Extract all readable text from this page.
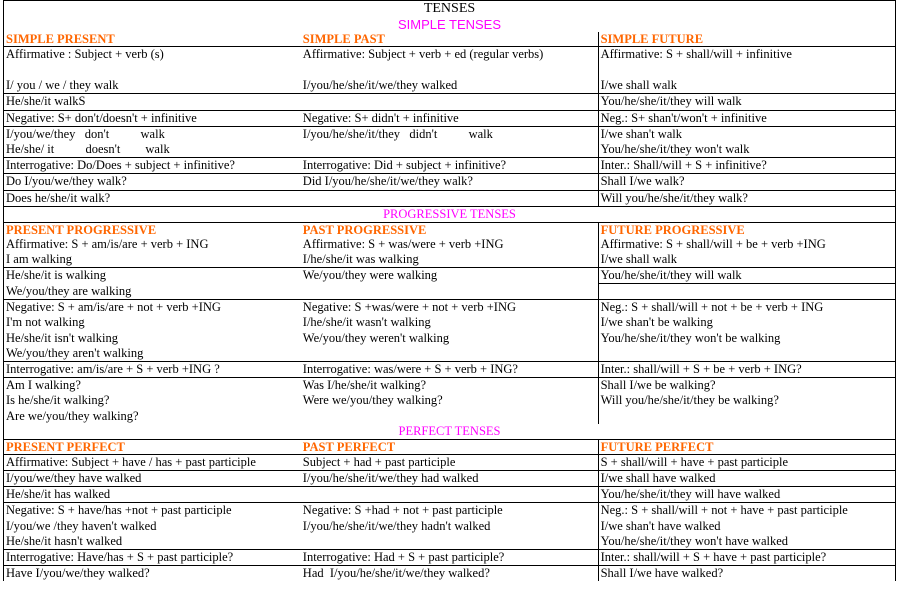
TENSES		
SIMPLE TENSES		
SIMPLE PRESENT	SIMPLE PAST	SIMPLE FUTURE
Affirmative : Subject + verb (s)	Affirmative: Subject + verb + ed (regular verbs)	Affirmative: S + shall/will + infinitive

I/ you / we / they walk	I/you/he/she/it/we/they walked	I/we shall walk
He/she/it walkS		You/he/she/it/they will walk
Negative: S+ don't/doesn't + infinitive	Negative: S+ didn't + infinitive	Neg.: S+ shan't/won't + infinitive
I/you/we/they   don't          walk	I/you/he/she/it/they   didn't          walk	I/we shan't walk
He/she/ it          doesn't        walk		You/he/she/it/they won't walk
Interrogative: Do/Does + subject + infinitive?	Interrogative: Did + subject + infinitive?	Inter.: Shall/will + S + infinitive?
Do I/you/we/they walk?	Did I/you/he/she/it/we/they walk?	Shall I/we walk?
Does he/she/it walk?		Will you/he/she/it/they walk?
PROGRESSIVE TENSES		
PRESENT PROGRESSIVE	PAST PROGRESSIVE	FUTURE PROGRESSIVE
Affirmative: S + am/is/are + verb + ING	Affirmative: S + was/were + verb +ING	Affirmative: S + shall/will + be + verb +ING
I am walking	I/he/she/it was walking	I/we shall walk
He/she/it is walking	We/you/they were walking	You/he/she/it/they will walk
We/you/they are walking		
Negative: S + am/is/are + not + verb +ING	Negative: S +was/were + not + verb +ING	Neg.: S + shall/will + not + be + verb + ING
I'm not walking	I/he/she/it wasn't walking	I/we shan't be walking
He/she/it isn't walking	We/you/they weren't walking	You/he/she/it/they won't be walking
We/you/they aren't walking		
Interrogative: am/is/are + S + verb +ING ?	Interrogative: was/were + S + verb + ING?	Inter.: shall/will + S + be + verb + ING?
Am I walking?	Was I/he/she/it walking?	Shall I/we be walking?
Is he/she/it walking?	Were we/you/they walking?	Will you/he/she/it/they be walking?
Are we/you/they walking?		
PERFECT TENSES		
PRESENT PERFECT	PAST PERFECT	FUTURE PERFECT
Affirmative: Subject + have / has + past participle	Subject + had + past participle	S + shall/will + have + past participle
I/you/we/they have walked	I/you/he/she/it/we/they had walked	I/we shall have walked
He/she/it has walked		You/he/she/it/they will have walked
Negative: S + have/has +not + past participle	Negative: S +had + not + past participle	Neg.: S + shall/will + not + have + past participle
I/you/we /they haven't walked	I/you/he/she/it/we/they hadn't walked	I/we shan't have walked
He/she/it hasn't walked		You/he/she/it/they won't have walked
Interrogative: Have/has + S + past participle?	Interrogative: Had + S + past participle?	Inter.: shall/will + S + have + past participle?
Have I/you/we/they walked?	Had  I/you/he/she/it/we/they walked?	Shall I/we have walked?
